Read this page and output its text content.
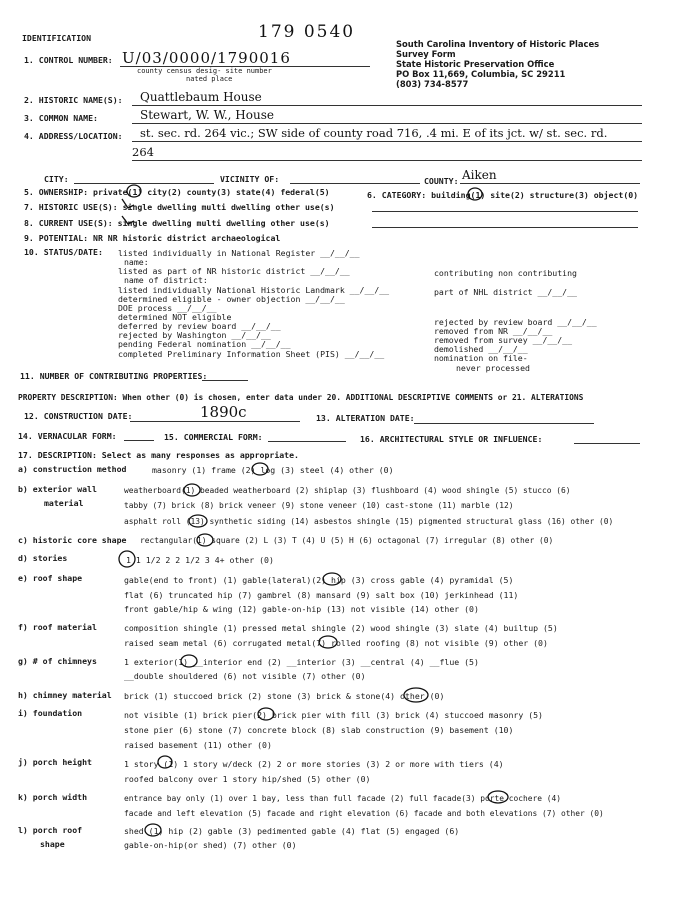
IDENTIFICATION	179 0540
South Carolina Inventory of Historic Places
Survey Form
State Historic Preservation Office
PO Box 11,669, Columbia, SC 29211
(803) 734-8577
1. CONTROL NUMBER: U/03/0000/1790016
county census desig- site number
nated place
2. HISTORIC NAME(S): Quattlebaum House
3. COMMON NAME:	Stewart, W. W., House
4. ADDRESS/LOCATION: st. sec. rd. 264 vic.; SW side of county road 716, .4 mi. E of its jct. w/ st. sec. rd.
264
CITY:	VICINITY OF:	COUNTY: Aiken
5. OWNERSHIP: private(1) city(2) county(3) state(4) federal(5)	6. CATEGORY: building(1) site(2) structure(3) object(0)
7. HISTORIC USE(S): single dwelling multi dwelling other use(s)
8. CURRENT USE(S): single dwelling multi dwelling other use(s)
9. POTENTIAL: NR NR historic district archaeological
10. STATUS/DATE: listed individually in National Register __/__/__
name:
listed as part of NR historic district __/__/__	contributing non contributing
name of district:
listed individually National Historic Landmark __/__/__	part of NHL district __/__/__
determined eligible - owner objection __/__/__
DOE process __/__/__
determined NOT eligible
deferred by review board __/__/__
rejected by Washington __/__/__
pending Federal nomination __/__/__
completed Preliminary Information Sheet (PIS) __/__/__
rejected by review board __/__/__
removed from NR __/__/__
removed from survey __/__/__
demolished __/__/__
nomination on file-
never processed
11. NUMBER OF CONTRIBUTING PROPERTIES:
PROPERTY DESCRIPTION: When other (0) is chosen, enter data under 20. ADDITIONAL DESCRIPTIVE COMMENTS or 21. ALTERATIONS
12. CONSTRUCTION DATE:	1890c	13. ALTERATION DATE:
14. VERNACULAR FORM:	15. COMMERCIAL FORM:	16. ARCHITECTURAL STYLE OR INFLUENCE:
17. DESCRIPTION: Select as many responses as appropriate.
a) construction method	masonry (1) frame (2) log (3) steel (4) other (0)
b) exterior wall
material
weatherboard(1) beaded weatherboard (2) shiplap (3) flushboard (4) wood shingle (5) stucco (6)
tabby (7) brick (8) brick veneer (9) stone veneer (10) cast-stone (11) marble (12)
asphalt roll (13) synthetic siding (14) asbestos shingle (15) pigmented structural glass (16) other (0)
c) historic core shape rectangular(1) square (2) L (3) T (4) U (5) H (6) octagonal (7) irregular (8) other (0)
d) stories	1 1 1/2 2 2 1/2 3 4+ other (0)
e) roof shape	gable(end to front) (1) gable(lateral)(2) hip (3) cross gable (4) pyramidal (5)
flat (6) truncated hip (7) gambrel (8) mansard (9) salt box (10) jerkinhead (11)
front gable/hip & wing (12) gable-on-hip (13) not visible (14) other (0)
f) roof material	composition shingle (1) pressed metal shingle (2) wood shingle (3) slate (4) builtup (5)
raised seam metal (6) corrugated metal(7) rolled roofing (8) not visible (9) other (0)
g) # of chimneys	1 exterior(1) __interior end (2) __interior (3) __central (4) __flue (5)
__double shouldered (6) not visible (7) other (0)
h) chimney material brick (1) stuccoed brick (2) stone (3) brick & stone(4) other (0)
i) foundation	not visible (1) brick pier(2) brick pier with fill (3) brick (4) stuccoed masonry (5)
stone pier (6) stone (7) concrete block (8) slab construction (9) basement (10)
raised basement (11) other (0)
j) porch height	1 story (1) 1 story w/deck (2) 2 or more stories (3) 2 or more with tiers (4)
roofed balcony over 1 story hip/shed (5) other (0)
k) porch width	entrance bay only (1) over 1 bay, less than full facade (2) full facade(3) porte cochere (4)
facade and left elevation (5) facade and right elevation (6) facade and both elevations (7) other (0)
l) porch roof
shape
shed (1) hip (2) gable (3) pedimented gable (4) flat (5) engaged (6)
gable-on-hip(or shed) (7) other (0)
